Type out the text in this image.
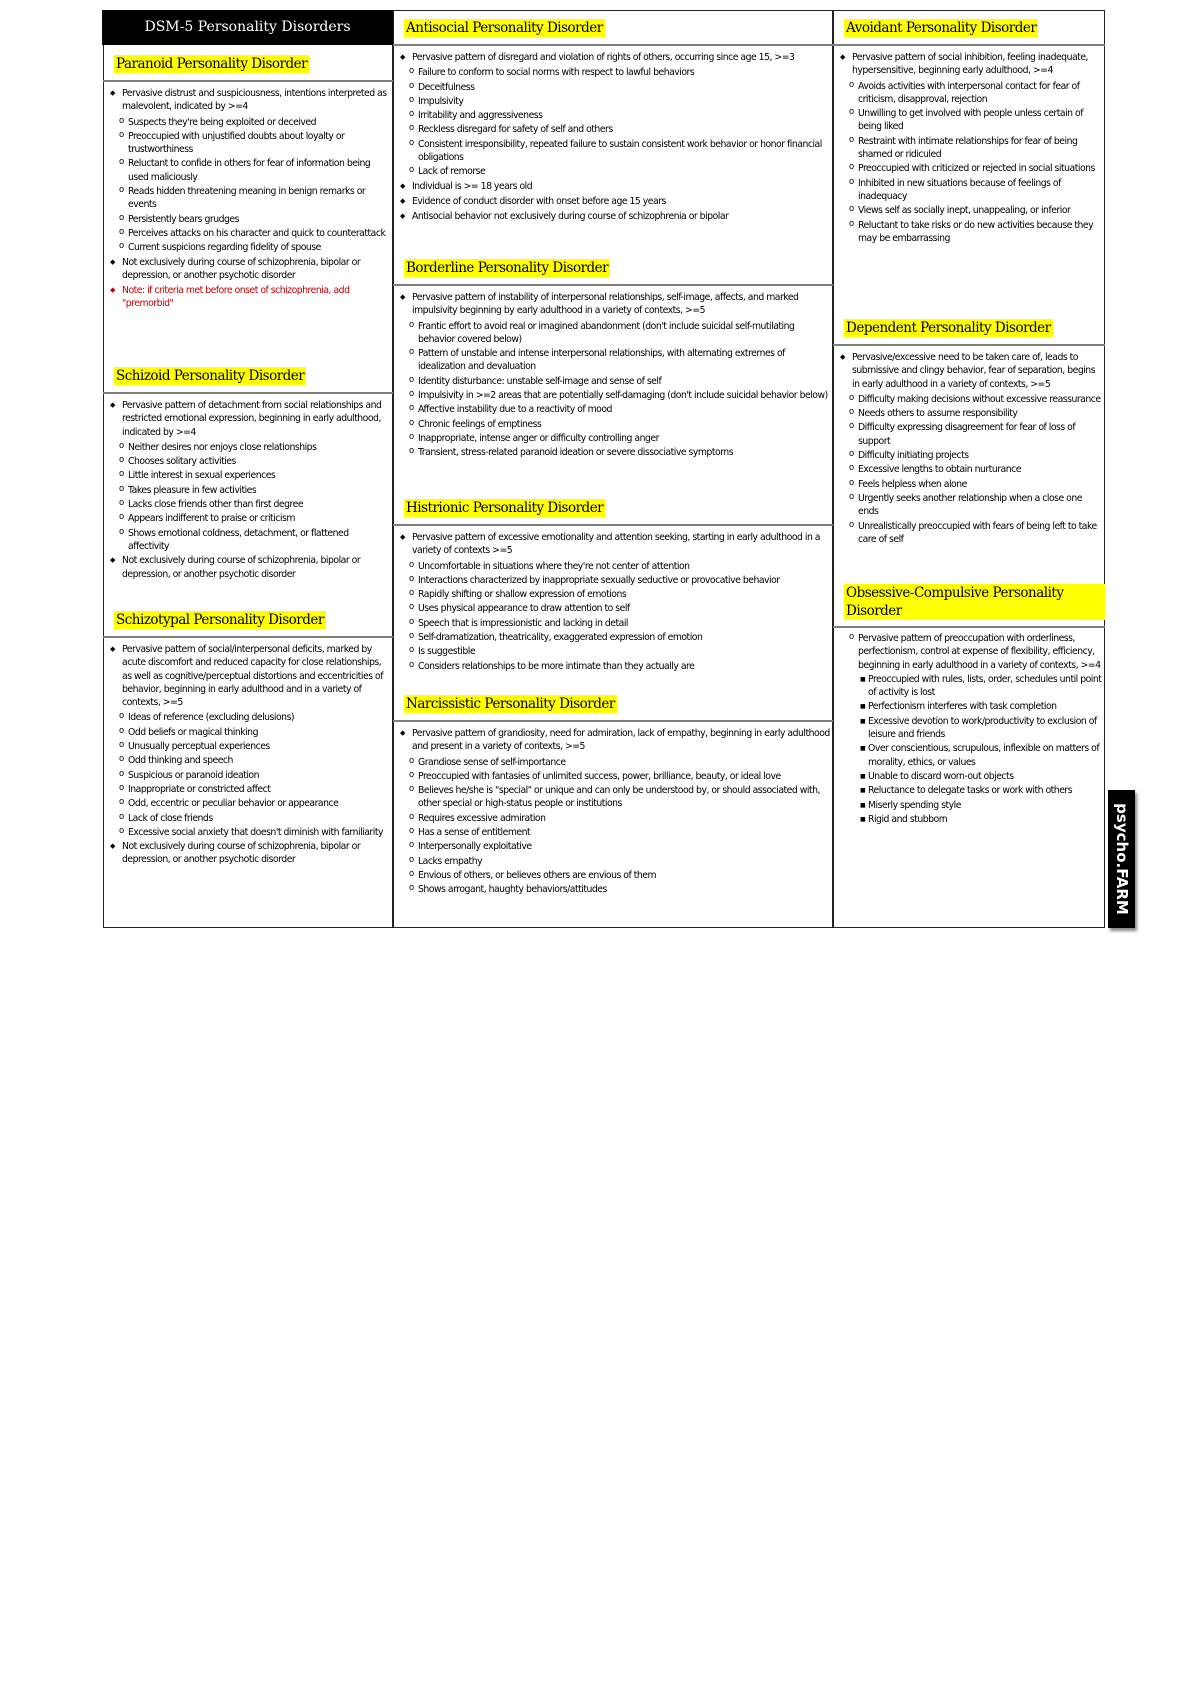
DSM-5 Personality Disorders
Paranoid Personality Disorder
◆ Pervasive distrust and suspiciousness, intentions interpreted as malevolent, indicated by >=4
o Suspects they're being exploited or deceived
o Preoccupied with unjustified doubts about loyalty or trustworthiness
o Reluctant to confide in others for fear of information being used maliciously
o Reads hidden threatening meaning in benign remarks or events
o Persistently bears grudges
o Perceives attacks on his character and quick to counterattack
o Current suspicions regarding fidelity of spouse
◆ Not exclusively during course of schizophrenia, bipolar or depression, or another psychotic disorder
◆ Note: if criteria met before onset of schizophrenia, add "premorbid"
Schizoid Personality Disorder
◆ Pervasive pattern of detachment from social relationships and restricted emotional expression, beginning in early adulthood, indicated by >=4
o Neither desires nor enjoys close relationships
o Chooses solitary activities
o Little interest in sexual experiences
o Takes pleasure in few activities
o Lacks close friends other than first degree
o Appears indifferent to praise or criticism
o Shows emotional coldness, detachment, or flattened affectivity
◆ Not exclusively during course of schizophrenia, bipolar or depression, or another psychotic disorder
Schizotypal Personality Disorder
◆ Pervasive pattern of social/interpersonal deficits, marked by acute discomfort and reduced capacity for close relationships, as well as cognitive/perceptual distortions and eccentricities of behavior, beginning in early adulthood and in a variety of contexts, >=5
o Ideas of reference (excluding delusions)
o Odd beliefs or magical thinking
o Unusually perceptual experiences
o Odd thinking and speech
o Suspicious or paranoid ideation
o Inappropriate or constricted affect
o Odd, eccentric or peculiar behavior or appearance
o Lack of close friends
o Excessive social anxiety that doesn't diminish with familiarity
◆ Not exclusively during course of schizophrenia, bipolar or depression, or another psychotic disorder
Antisocial Personality Disorder
◆ Pervasive pattern of disregard and violation of rights of others, occurring since age 15, >=3
o Failure to conform to social norms with respect to lawful behaviors
o Deceitfulness
o Impulsivity
o Irritability and aggressiveness
o Reckless disregard for safety of self and others
o Consistent irresponsibility, repeated failure to sustain consistent work behavior or honor financial obligations
o Lack of remorse
◆ Individual is >= 18 years old
◆ Evidence of conduct disorder with onset before age 15 years
◆ Antisocial behavior not exclusively during course of schizophrenia or bipolar
Borderline Personality Disorder
◆ Pervasive pattern of instability of interpersonal relationships, self-image, affects, and marked impulsivity beginning by early adulthood in a variety of contexts, >=5
o Frantic effort to avoid real or imagined abandonment (don't include suicidal self-mutilating behavior covered below)
o Pattern of unstable and intense interpersonal relationships, with alternating extremes of idealization and devaluation
o Identity disturbance: unstable self-image and sense of self
o Impulsivity in >=2 areas that are potentially self-damaging (don't include suicidal behavior below)
o Affective instability due to a reactivity of mood
o Chronic feelings of emptiness
o Inappropriate, intense anger or difficulty controlling anger
o Transient, stress-related paranoid ideation or severe dissociative symptoms
Histrionic Personality Disorder
◆ Pervasive pattern of excessive emotionality and attention seeking, starting in early adulthood in a variety of contexts >=5
o Uncomfortable in situations where they're not center of attention
o Interactions characterized by inappropriate sexually seductive or provocative behavior
o Rapidly shifting or shallow expression of emotions
o Uses physical appearance to draw attention to self
o Speech that is impressionistic and lacking in detail
o Self-dramatization, theatricality, exaggerated expression of emotion
o Is suggestible
o Considers relationships to be more intimate than they actually are
Narcissistic Personality Disorder
◆ Pervasive pattern of grandiosity, need for admiration, lack of empathy, beginning in early adulthood and present in a variety of contexts, >=5
o Grandiose sense of self-importance
o Preoccupied with fantasies of unlimited success, power, brilliance, beauty, or ideal love
o Believes he/she is "special" or unique and can only be understood by, or should associated with, other special or high-status people or institutions
o Requires excessive admiration
o Has a sense of entitlement
o Interpersonally exploitative
o Lacks empathy
o Envious of others, or believes others are envious of them
o Shows arrogant, haughty behaviors/attitudes
Avoidant Personality Disorder
◆ Pervasive pattern of social inhibition, feeling inadequate, hypersensitive, beginning early adulthood, >=4
o Avoids activities with interpersonal contact for fear of criticism, disapproval, rejection
o Unwilling to get involved with people unless certain of being liked
o Restraint with intimate relationships for fear of being shamed or ridiculed
o Preoccupied with criticized or rejected in social situations
o Inhibited in new situations because of feelings of inadequacy
o Views self as socially inept, unappealing, or inferior
o Reluctant to take risks or do new activities because they may be embarrassing
Dependent Personality Disorder
◆ Pervasive/excessive need to be taken care of, leads to submissive and clingy behavior, fear of separation, begins in early adulthood in a variety of contexts, >=5
o Difficulty making decisions without excessive reassurance
o Needs others to assume responsibility
o Difficulty expressing disagreement for fear of loss of support
o Difficulty initiating projects
o Excessive lengths to obtain nurturance
o Feels helpless when alone
o Urgently seeks another relationship when a close one ends
o Unrealistically preoccupied with fears of being left to take care of self
Obsessive-Compulsive Personality Disorder
o Pervasive pattern of preoccupation with orderliness, perfectionism, control at expense of flexibility, efficiency, beginning in early adulthood in a variety of contexts, >=4
■ Preoccupied with rules, lists, order, schedules until point of activity is lost
■ Perfectionism interferes with task completion
■ Excessive devotion to work/productivity to exclusion of leisure and friends
■ Over conscientious, scrupulous, inflexible on matters of morality, ethics, or values
■ Unable to discard worn-out objects
■ Reluctance to delegate tasks or work with others
■ Miserly spending style
■ Rigid and stubborn	psycho.FARM
